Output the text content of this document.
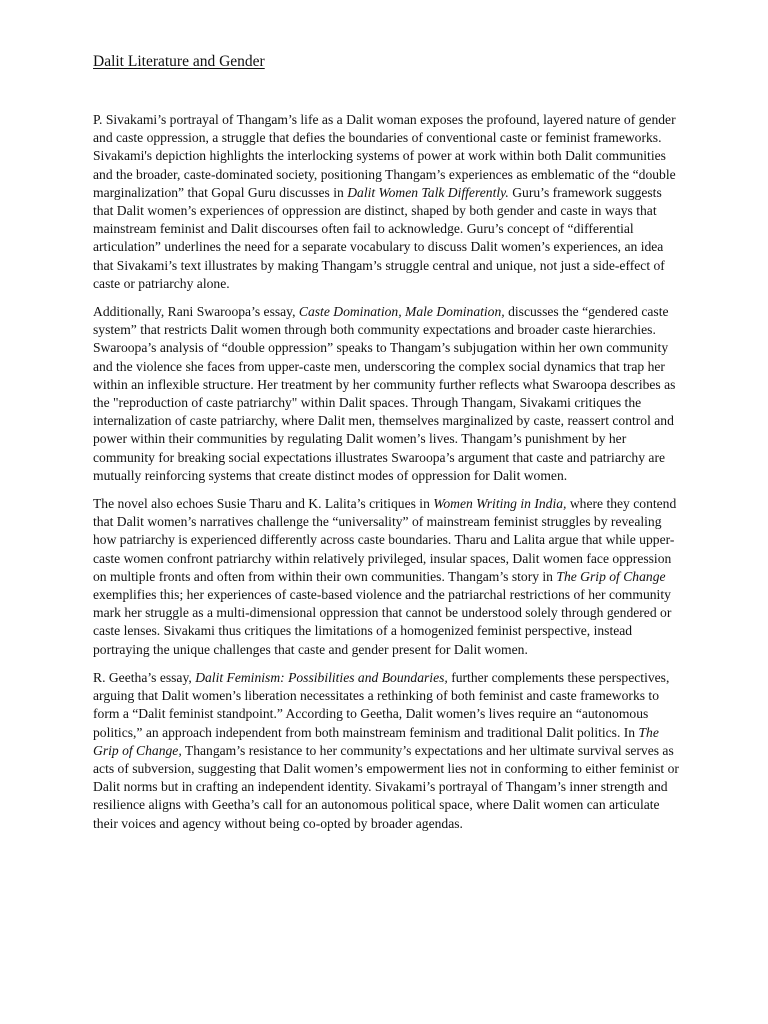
Dalit Literature and Gender

P. Sivakami’s portrayal of Thangam’s life as a Dalit woman exposes the profound, layered nature of gender and caste oppression, a struggle that defies the boundaries of conventional caste or feminist frameworks. Sivakami's depiction highlights the interlocking systems of power at work within both Dalit communities and the broader, caste-dominated society, positioning Thangam’s experiences as emblematic of the “double marginalization” that Gopal Guru discusses in Dalit Women Talk Differently. Guru’s framework suggests that Dalit women’s experiences of oppression are distinct, shaped by both gender and caste in ways that mainstream feminist and Dalit discourses often fail to acknowledge. Guru’s concept of “differential articulation” underlines the need for a separate vocabulary to discuss Dalit women’s experiences, an idea that Sivakami’s text illustrates by making Thangam’s struggle central and unique, not just a side-effect of caste or patriarchy alone.

Additionally, Rani Swaroopa’s essay, Caste Domination, Male Domination, discusses the “gendered caste system” that restricts Dalit women through both community expectations and broader caste hierarchies. Swaroopa’s analysis of “double oppression” speaks to Thangam’s subjugation within her own community and the violence she faces from upper-caste men, underscoring the complex social dynamics that trap her within an inflexible structure. Her treatment by her community further reflects what Swaroopa describes as the "reproduction of caste patriarchy" within Dalit spaces. Through Thangam, Sivakami critiques the internalization of caste patriarchy, where Dalit men, themselves marginalized by caste, reassert control and power within their communities by regulating Dalit women’s lives. Thangam’s punishment by her community for breaking social expectations illustrates Swaroopa’s argument that caste and patriarchy are mutually reinforcing systems that create distinct modes of oppression for Dalit women.

The novel also echoes Susie Tharu and K. Lalita’s critiques in Women Writing in India, where they contend that Dalit women’s narratives challenge the “universality” of mainstream feminist struggles by revealing how patriarchy is experienced differently across caste boundaries. Tharu and Lalita argue that while upper-caste women confront patriarchy within relatively privileged, insular spaces, Dalit women face oppression on multiple fronts and often from within their own communities. Thangam’s story in The Grip of Change exemplifies this; her experiences of caste-based violence and the patriarchal restrictions of her community mark her struggle as a multi-dimensional oppression that cannot be understood solely through gendered or caste lenses. Sivakami thus critiques the limitations of a homogenized feminist perspective, instead portraying the unique challenges that caste and gender present for Dalit women.

R. Geetha’s essay, Dalit Feminism: Possibilities and Boundaries, further complements these perspectives, arguing that Dalit women’s liberation necessitates a rethinking of both feminist and caste frameworks to form a “Dalit feminist standpoint.” According to Geetha, Dalit women’s lives require an “autonomous politics,” an approach independent from both mainstream feminism and traditional Dalit politics. In The Grip of Change, Thangam’s resistance to her community’s expectations and her ultimate survival serves as acts of subversion, suggesting that Dalit women’s empowerment lies not in conforming to either feminist or Dalit norms but in crafting an independent identity. Sivakami’s portrayal of Thangam’s inner strength and resilience aligns with Geetha’s call for an autonomous political space, where Dalit women can articulate their voices and agency without being co-opted by broader agendas.
